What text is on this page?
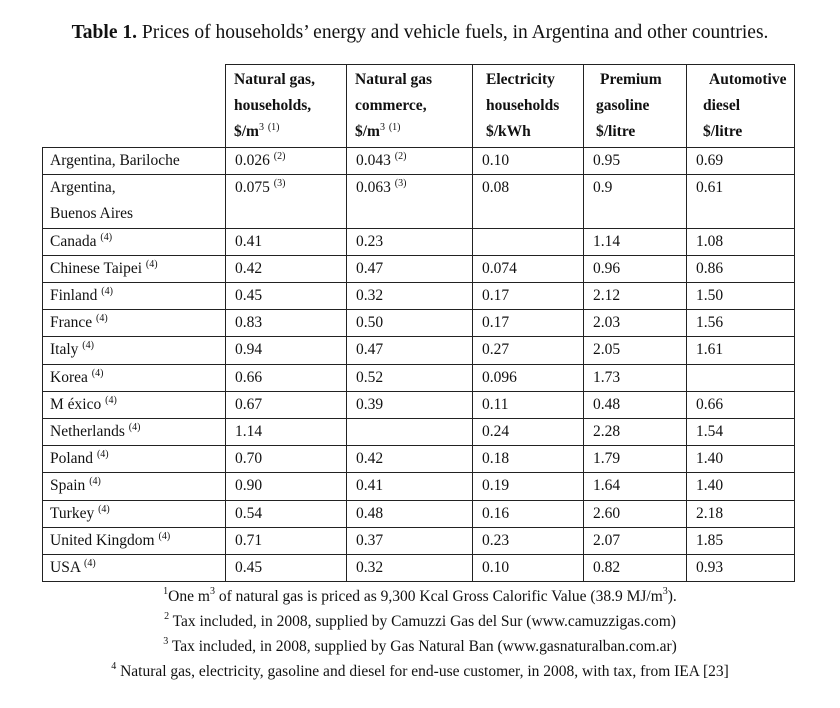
Table 1. Prices of households’ energy and vehicle fuels, in Argentina and other countries.
	Natural gas,
households,
$\$/m^3$ $^{(1)}$	Natural gas
commerce,
$\$/m^3$ $^{(1)}$	Electricity
households
$/kWh	Premium
gasoline
$/litre	Automotive
diesel
$/litre
Argentina, Bariloche	0.026 $^{(2)}$	0.043 $^{(2)}$	0.10	0.95	0.69
Argentina,
Buenos Aires	0.075 $^{(3)}$	0.063 $^{(3)}$	0.08	0.9	0.61
Canada $^{(4)}$	0.41	0.23		1.14	1.08
Chinese Taipei $^{(4)}$	0.42	0.47	0.074	0.96	0.86
Finland $^{(4)}$	0.45	0.32	0.17	2.12	1.50
France $^{(4)}$	0.83	0.50	0.17	2.03	1.56
Italy $^{(4)}$	0.94	0.47	0.27	2.05	1.61
Korea $^{(4)}$	0.66	0.52	0.096	1.73	
M éxico $^{(4)}$	0.67	0.39	0.11	0.48	0.66
Netherlands $^{(4)}$	1.14		0.24	2.28	1.54
Poland $^{(4)}$	0.70	0.42	0.18	1.79	1.40
Spain $^{(4)}$	0.90	0.41	0.19	1.64	1.40
Turkey $^{(4)}$	0.54	0.48	0.16	2.60	2.18
United Kingdom $^{(4)}$	0.71	0.37	0.23	2.07	1.85
USA $^{(4)}$	0.45	0.32	0.10	0.82	0.93
$^1$One $m^3$ of natural gas is priced as 9,300 Kcal Gross Calorific Value (38.9 $MJ/m^3$).
$^2$ Tax included, in 2008, supplied by Camuzzi Gas del Sur (www.camuzzigas.com)
$^3$ Tax included, in 2008, supplied by Gas Natural Ban (www.gasnaturalban.com.ar)
$^4$ Natural gas, electricity, gasoline and diesel for end-use customer, in 2008, with tax, from IEA [23]
